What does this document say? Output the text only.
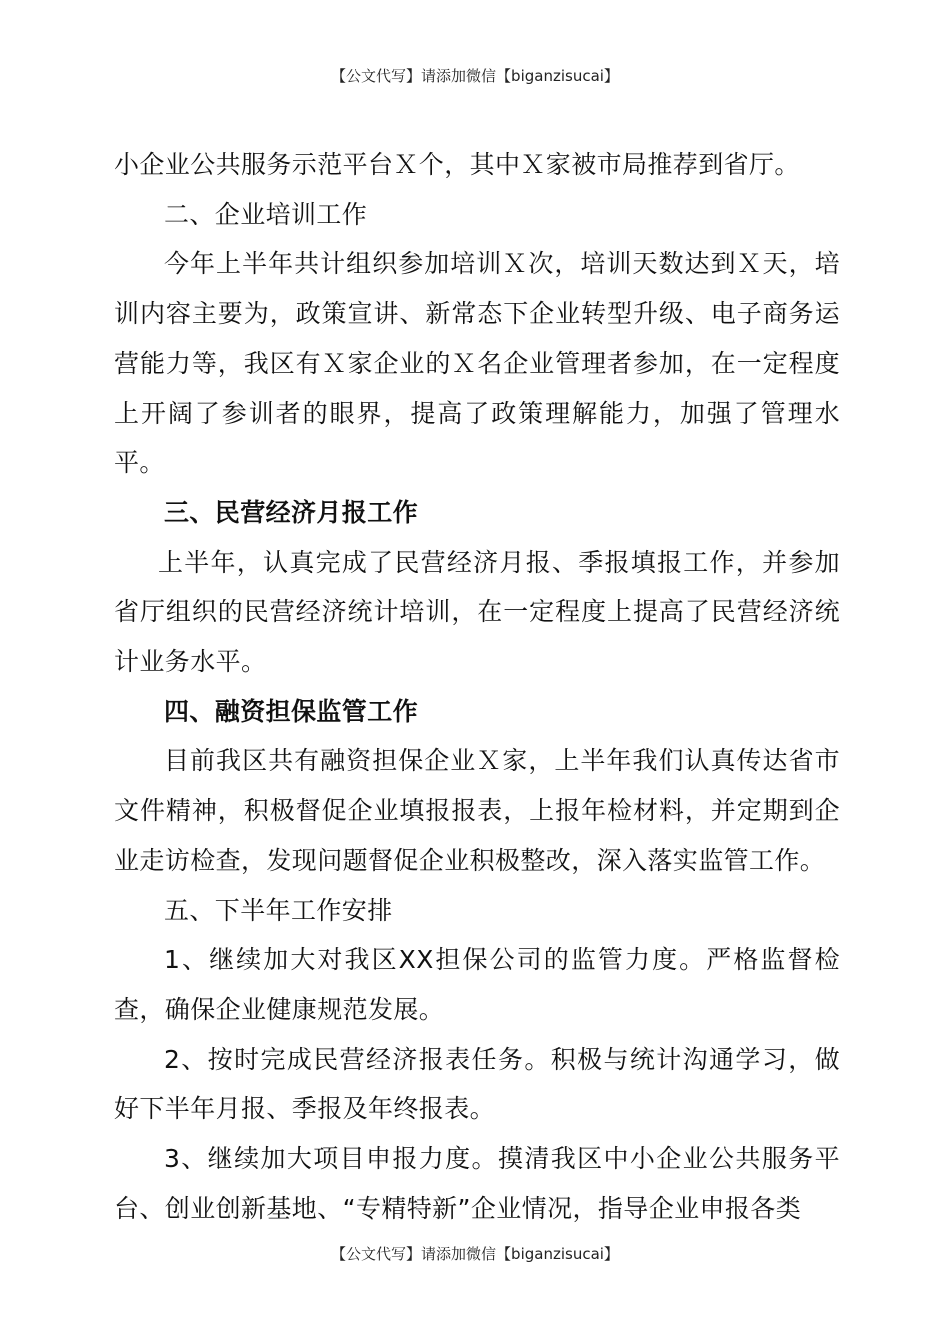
【公文代写】请添加微信【biganzisucai】

小企业公共服务示范平台Ｘ个，其中Ｘ家被市局推荐到省厅。

二、企业培训工作

今年上半年共计组织参加培训Ｘ次，培训天数达到Ｘ天，培训内容主要为，政策宣讲、新常态下企业转型升级、电子商务运营能力等，我区有Ｘ家企业的Ｘ名企业管理者参加，在一定程度上开阔了参训者的眼界，提高了政策理解能力，加强了管理水平。

三、民营经济月报工作

上半年，认真完成了民营经济月报、季报填报工作，并参加省厅组织的民营经济统计培训，在一定程度上提高了民营经济统计业务水平。

四、融资担保监管工作

目前我区共有融资担保企业Ｘ家，上半年我们认真传达省市文件精神，积极督促企业填报报表，上报年检材料，并定期到企业走访检查，发现问题督促企业积极整改，深入落实监管工作。

五、下半年工作安排

1、继续加大对我区XX担保公司的监管力度。严格监督检查，确保企业健康规范发展。

2、按时完成民营经济报表任务。积极与统计沟通学习，做好下半年月报、季报及年终报表。

3、继续加大项目申报力度。摸清我区中小企业公共服务平台、创业创新基地、“专精特新”企业情况，指导企业申报各类

【公文代写】请添加微信【biganzisucai】
